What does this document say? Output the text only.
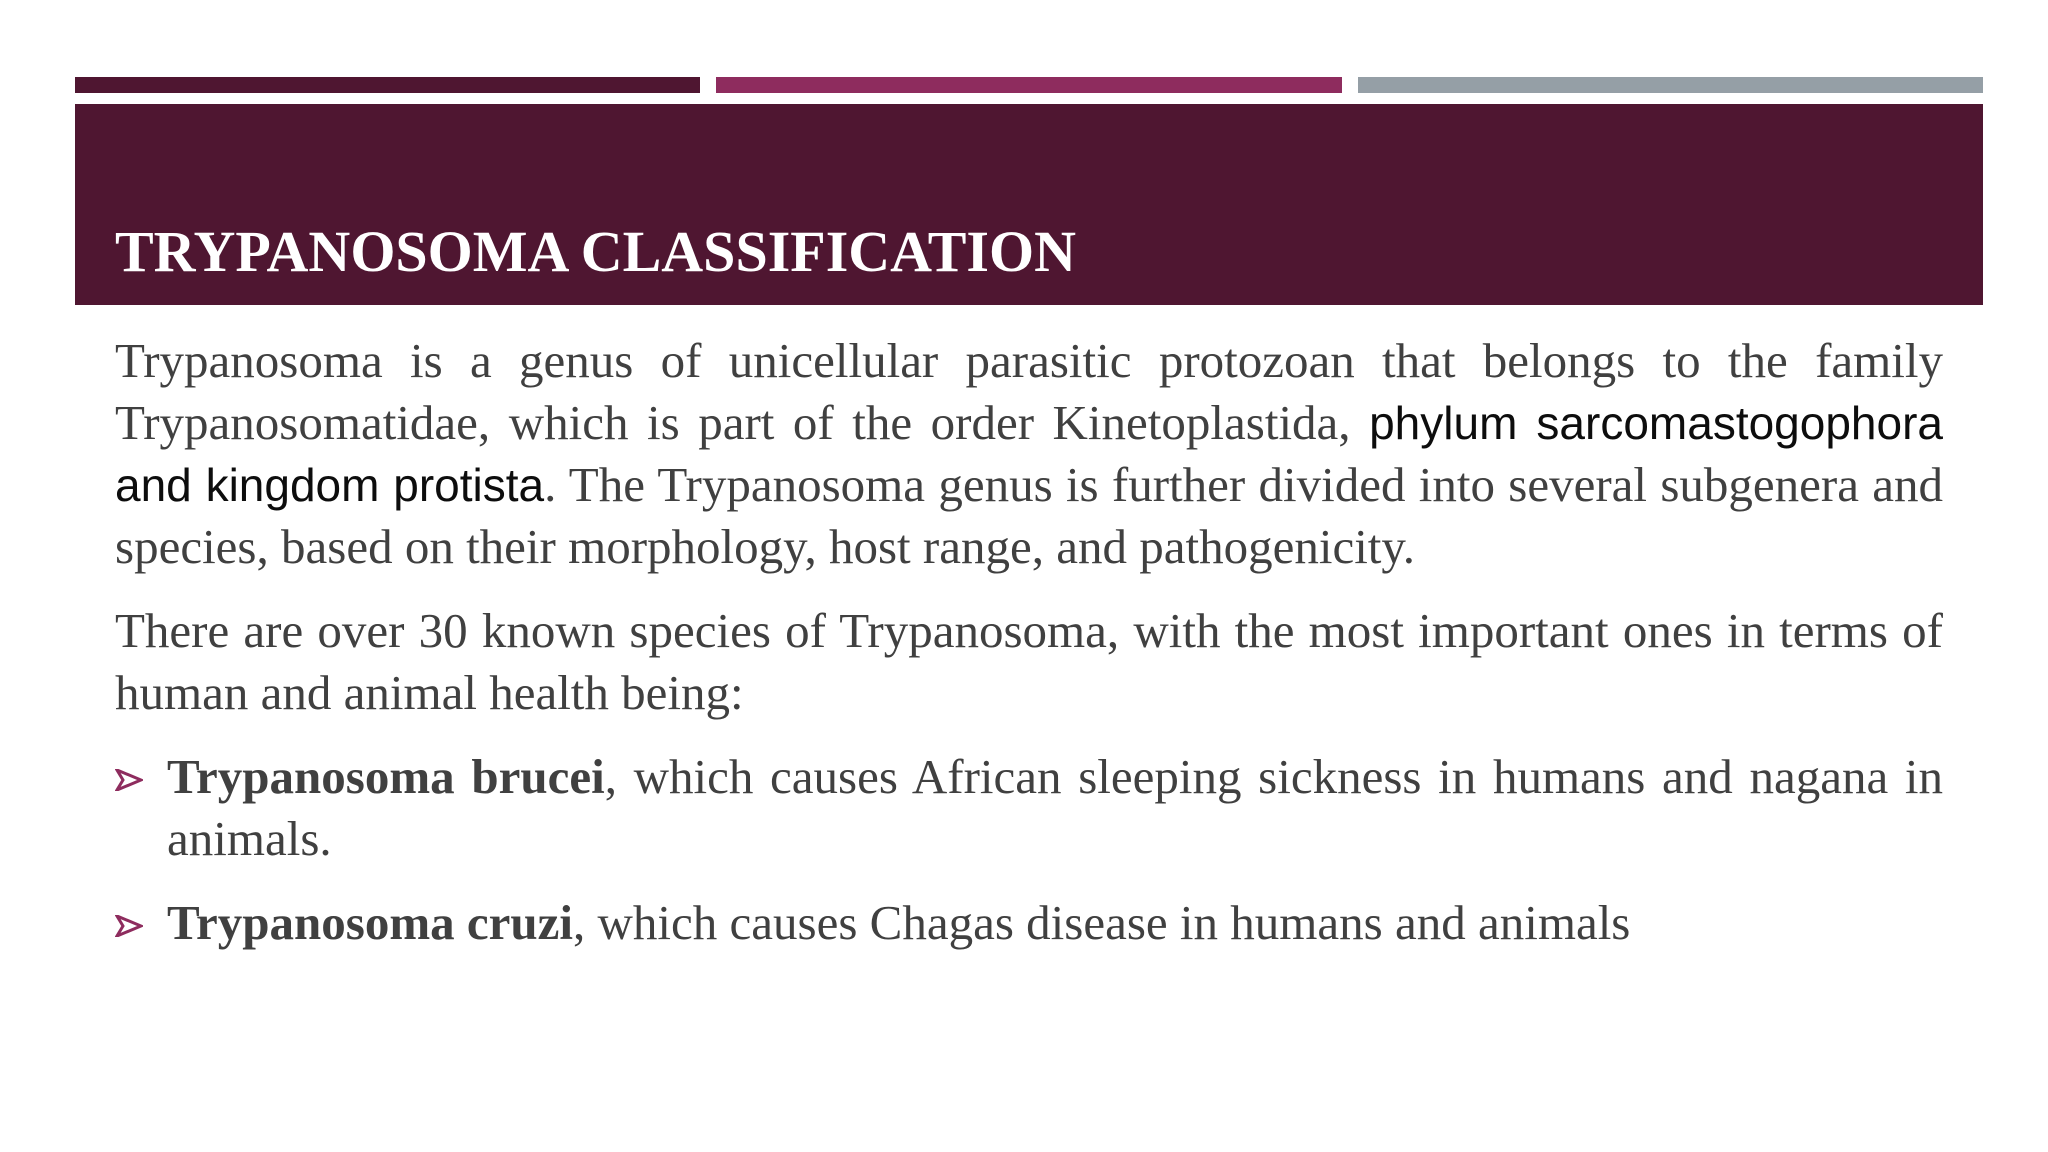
TRYPANOSOMA CLASSIFICATION

Trypanosoma is a genus of unicellular parasitic protozoan that belongs to the family Trypanosomatidae, which is part of the order Kinetoplastida, phylum sarcomastogophora and kingdom protista. The Trypanosoma genus is further divided into several subgenera and species, based on their morphology, host range, and pathogenicity.

There are over 30 known species of Trypanosoma, with the most important ones in terms of human and animal health being:

Trypanosoma brucei, which causes African sleeping sickness in humans and nagana in animals.
Trypanosoma cruzi, which causes Chagas disease in humans and animals
